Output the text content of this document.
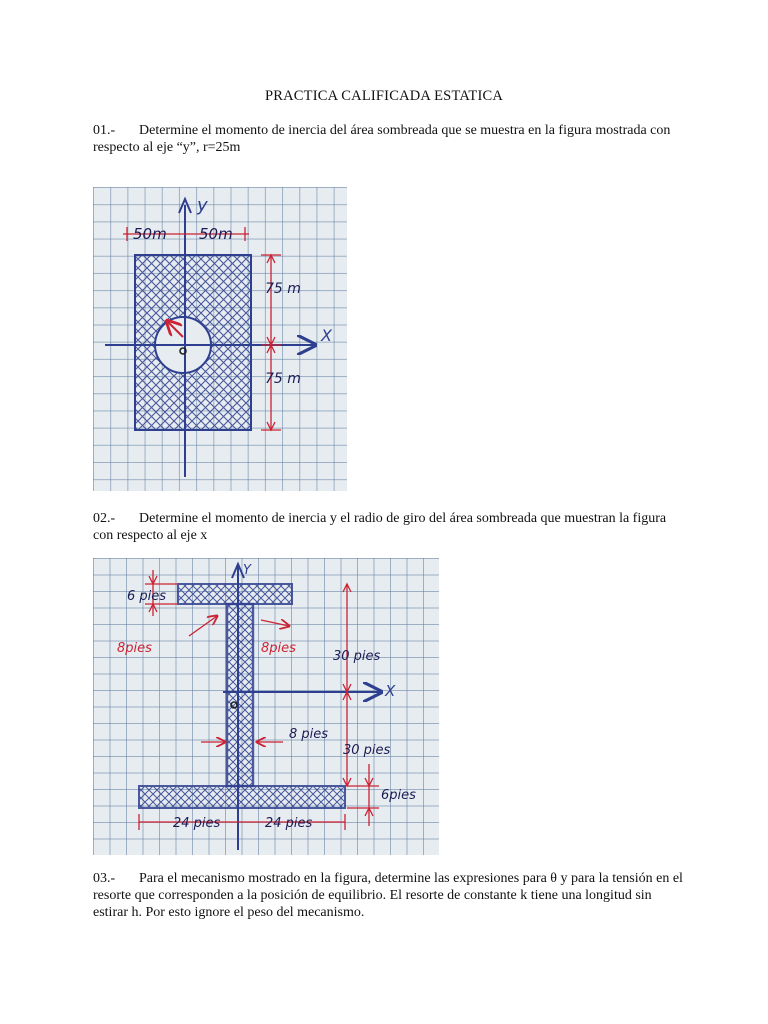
PRACTICA CALIFICADA ESTATICA
01.- Determine el momento de inercia del área sombreada que se muestra en la figura mostrada con respecto al eje “y”, r=25m
y
X
50m 50m
75 m
75 m
02.- Determine el momento de inercia y el radio de giro del área sombreada que muestran la figura con respecto al eje x
Y
X
6 pies
8pies	8pies
8 pies
30 pies
30 pies
6pies
24 pies	24 pies
03.- Para el mecanismo mostrado en la figura, determine las expresiones para θ y para la tensión en el resorte que corresponden a la posición de equilibrio. El resorte de constante k tiene una longitud sin estirar h. Por esto ignore el peso del mecanismo.
